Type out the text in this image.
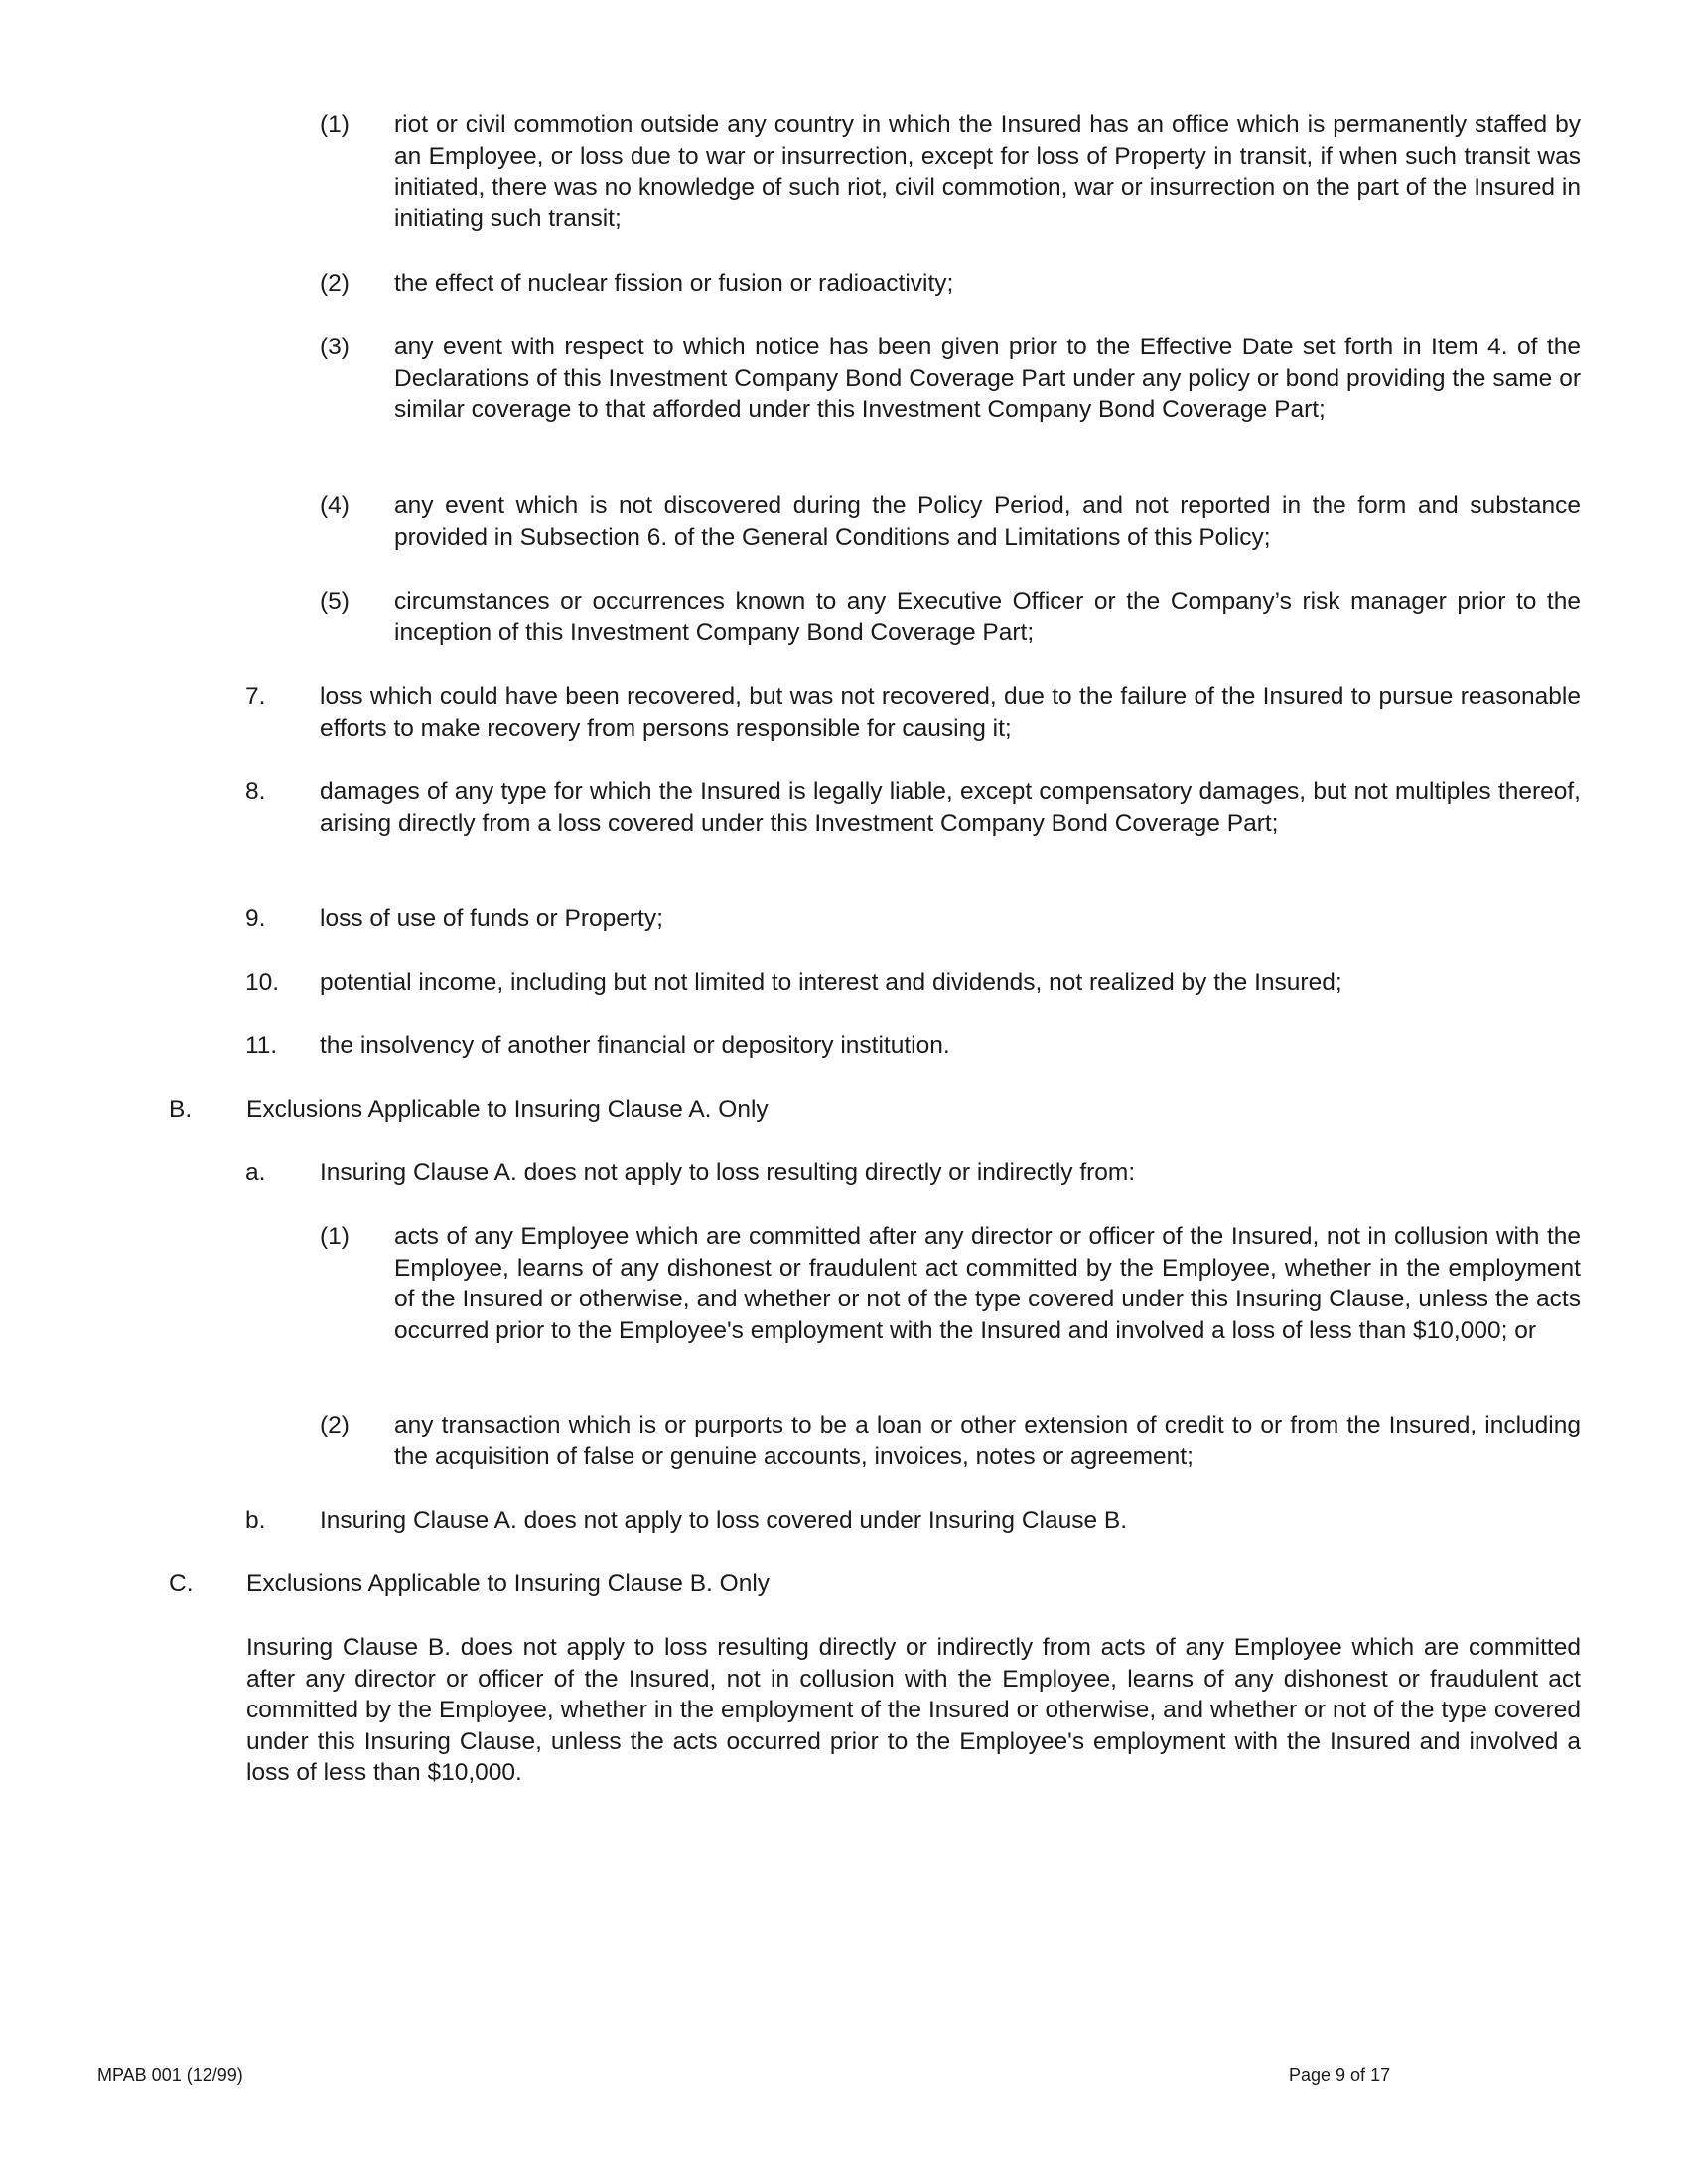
(1) riot or civil commotion outside any country in which the Insured has an office which is permanently staffed by an Employee, or loss due to war or insurrection, except for loss of Property in transit, if when such transit was initiated, there was no knowledge of such riot, civil commotion, war or insurrection on the part of the Insured in initiating such transit;
(2) the effect of nuclear fission or fusion or radioactivity;
(3) any event with respect to which notice has been given prior to the Effective Date set forth in Item 4. of the Declarations of this Investment Company Bond Coverage Part under any policy or bond providing the same or similar coverage to that afforded under this Investment Company Bond Coverage Part;
(4) any event which is not discovered during the Policy Period, and not reported in the form and substance provided in Subsection 6. of the General Conditions and Limitations of this Policy;
(5) circumstances or occurrences known to any Executive Officer or the Company’s risk manager prior to the inception of this Investment Company Bond Coverage Part;
7. loss which could have been recovered, but was not recovered, due to the failure of the Insured to pursue reasonable efforts to make recovery from persons responsible for causing it;
8. damages of any type for which the Insured is legally liable, except compensatory damages, but not multiples thereof, arising directly from a loss covered under this Investment Company Bond Coverage Part;
9. loss of use of funds or Property;
10. potential income, including but not limited to interest and dividends, not realized by the Insured;
11. the insolvency of another financial or depository institution.
B. Exclusions Applicable to Insuring Clause A. Only
a. Insuring Clause A. does not apply to loss resulting directly or indirectly from:
(1) acts of any Employee which are committed after any director or officer of the Insured, not in collusion with the Employee, learns of any dishonest or fraudulent act committed by the Employee, whether in the employment of the Insured or otherwise, and whether or not of the type covered under this Insuring Clause, unless the acts occurred prior to the Employee's employment with the Insured and involved a loss of less than $10,000; or
(2) any transaction which is or purports to be a loan or other extension of credit to or from the Insured, including the acquisition of false or genuine accounts, invoices, notes or agreement;
b. Insuring Clause A. does not apply to loss covered under Insuring Clause B.
C. Exclusions Applicable to Insuring Clause B. Only
Insuring Clause B. does not apply to loss resulting directly or indirectly from acts of any Employee which are committed after any director or officer of the Insured, not in collusion with the Employee, learns of any dishonest or fraudulent act committed by the Employee, whether in the employment of the Insured or otherwise, and whether or not of the type covered under this Insuring Clause, unless the acts occurred prior to the Employee's employment with the Insured and involved a loss of less than $10,000.
MPAB 001 (12/99)	Page 9 of 17
